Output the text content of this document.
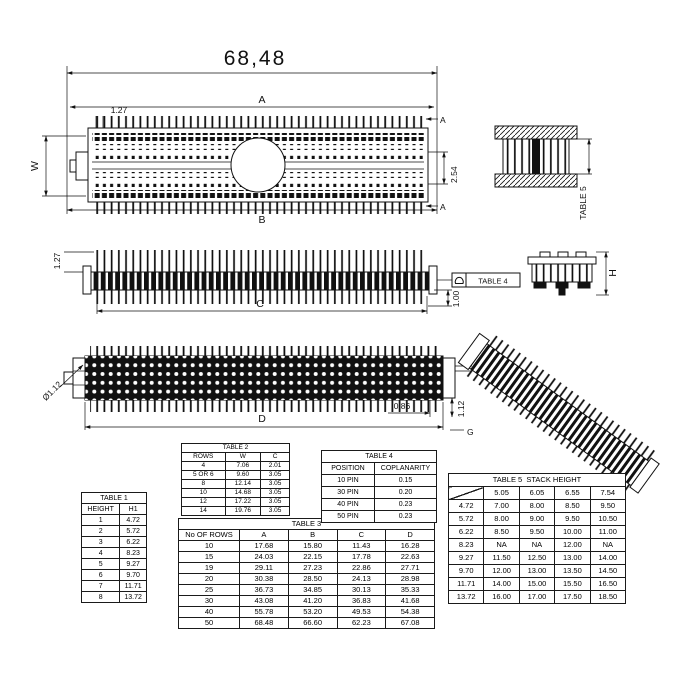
68,48
A
1.27
W
2.54
A
A
B
TABLE 5
1.27
C	1.00
TABLE 4
H
Ø1.12
0.86
D
1.12
G
TABLE 1	
HEIGHT	H1
1	4.72
2	5.72
3	6.22
4	8.23
5	9.27
6	9.70
7	11.71
8	13.72
TABLE 2		
ROWS	W	C
4	7.06	2.01
5 OR 6	9.60	3.05
8	12.14	3.05
10	14.68	3.05
12	17.22	3.05
14	19.76	3.05
TABLE 3				
No OF ROWS	A	B	C	D
10	17.68	15.80	11.43	16.28
15	24.03	22.15	17.78	22.63
19	29.11	27.23	22.86	27.71
20	30.38	28.50	24.13	28.98
25	36.73	34.85	30.13	35.33
30	43.08	41.20	36.83	41.68
40	55.78	53.20	49.53	54.38
50	68.48	66.60	62.23	67.08
TABLE 4	
POSITION	COPLANARITY
10 PIN	0.15
30 PIN	0.20
40 PIN	0.23
50 PIN	0.23
TABLE 5  STACK HEIGHT				
	5.05	6.05	6.55	7.54
4.72	7.00	8.00	8.50	9.50
5.72	8.00	9.00	9.50	10.50
6.22	8.50	9.50	10.00	11.00
8.23	NA	NA	12.00	NA
9.27	11.50	12.50	13.00	14.00
9.70	12.00	13.00	13.50	14.50
11.71	14.00	15.00	15.50	16.50
13.72	16.00	17.00	17.50	18.50
